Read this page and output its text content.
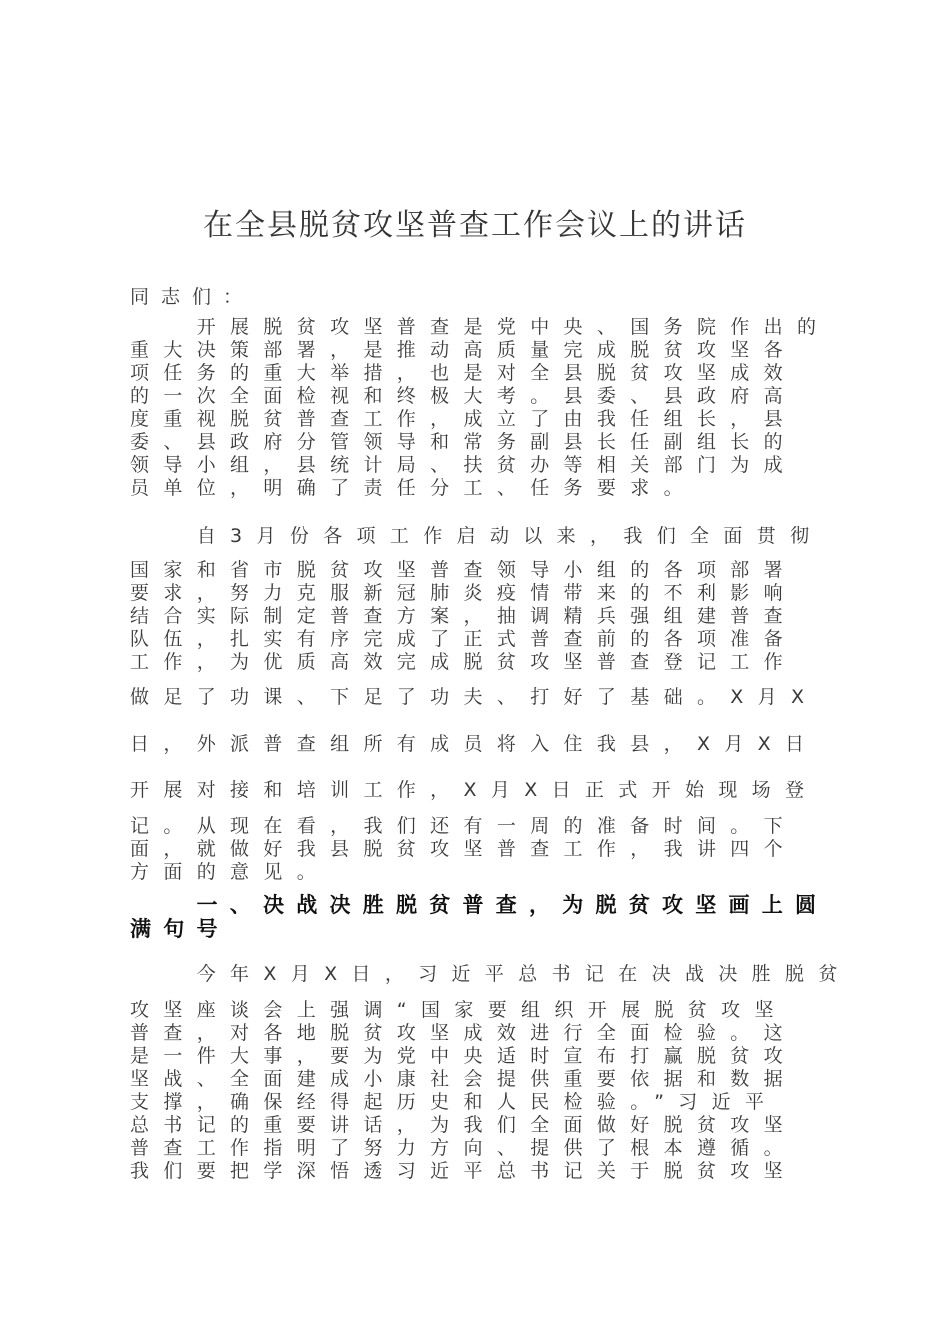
在全县脱贫攻坚普查工作会议上的讲话
同志们：
　　开展脱贫攻坚普查是党中央、国务院作出的
重大决策部署，是推动高质量完成脱贫攻坚各
项任务的重大举措，也是对全县脱贫攻坚成效
的一次全面检视和终极大考。县委、县政府高
度重视脱贫普查工作，成立了由我任组长，县
委、县政府分管领导和常务副县长任副组长的
领导小组，县统计局、扶贫办等相关部门为成
员单位，明确了责任分工、任务要求。
　　自3月份各项工作启动以来，我们全面贯彻
国家和省市脱贫攻坚普查领导小组的各项部署
要求，努力克服新冠肺炎疫情带来的不利影响
结合实际制定普查方案，抽调精兵强组建普查
队伍，扎实有序完成了正式普查前的各项准备
工作，为优质高效完成脱贫攻坚普查登记工作
做足了功课、下足了功夫、打好了基础。X月X
日，外派普查组所有成员将入住我县，X月X日
开展对接和培训工作，X月X日正式开始现场登
记。从现在看，我们还有一周的准备时间。下
面，就做好我县脱贫攻坚普查工作，我讲四个
方面的意见。
　　一、决战决胜脱贫普查，为脱贫攻坚画上圆
满句号
　　今年X月X日，习近平总书记在决战决胜脱贫
攻坚座谈会上强调“国家要组织开展脱贫攻坚
普查，对各地脱贫攻坚成效进行全面检验。这
是一件大事，要为党中央适时宣布打赢脱贫攻
坚战、全面建成小康社会提供重要依据和数据
支撑，确保经得起历史和人民检验。”习近平
总书记的重要讲话，为我们全面做好脱贫攻坚
普查工作指明了努力方向、提供了根本遵循。
我们要把学深悟透习近平总书记关于脱贫攻坚
